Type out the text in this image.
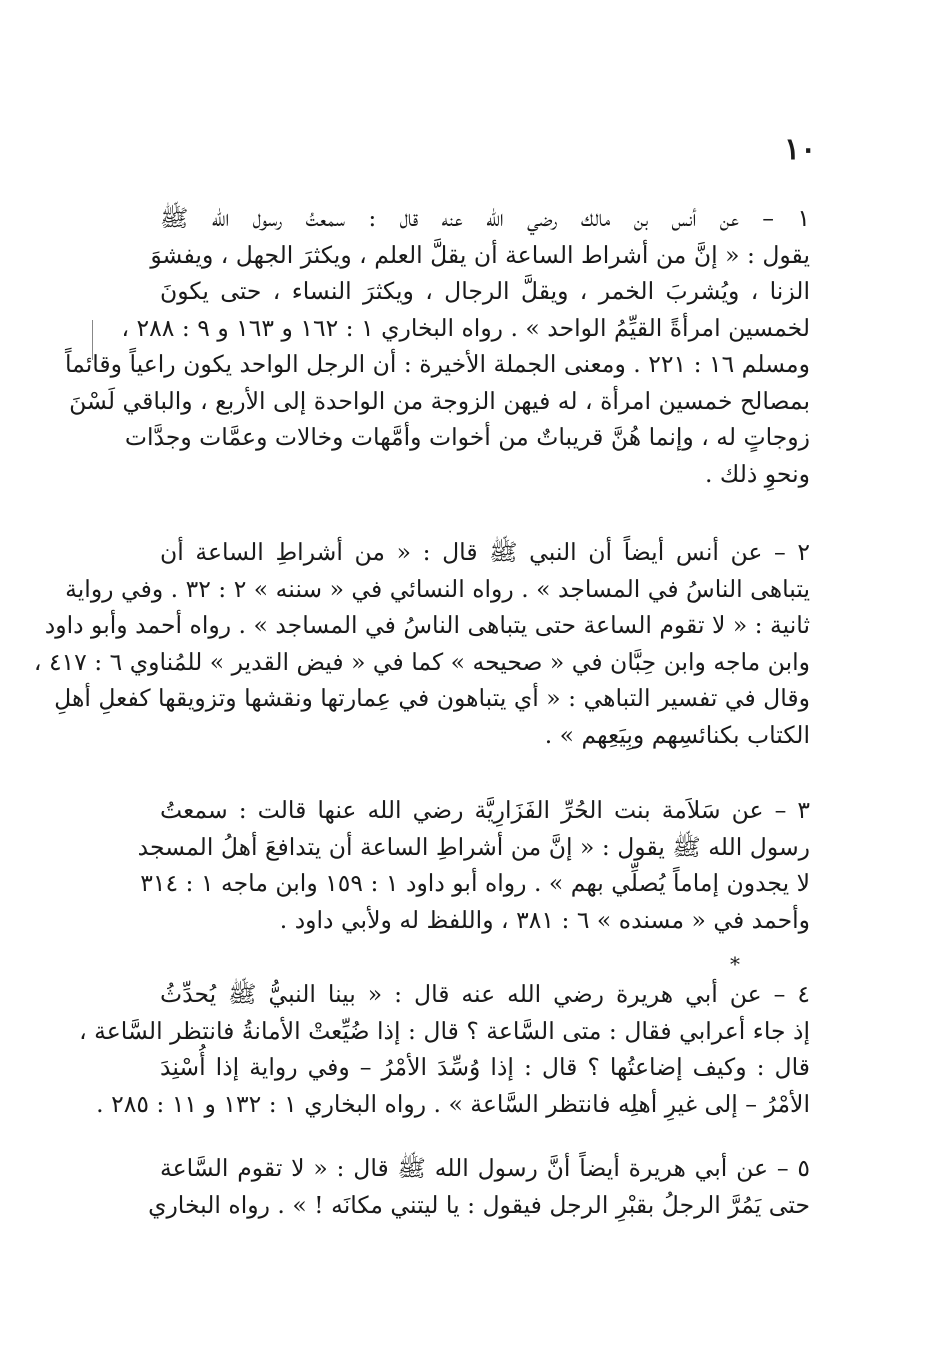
١٠
١ – عن أنس بن مالك رضي الله عنه قال : سمعتُ رسول الله ﷺ
يقول : « إنَّ من أشراط الساعة أن يقلَّ العلم ، ويكثرَ الجهل ، ويفشوَ
الزنا ، ويُشربَ الخمر ، ويقلَّ الرجال ، ويكثرَ النساء ، حتى يكونَ
لخمسين امرأةً القيِّمُ الواحد » . رواه البخاري ١ : ١٦٢ و ١٦٣ و ٩ : ٢٨٨ ،
ومسلم ١٦ : ٢٢١ . ومعنى الجملة الأخيرة : أن الرجل الواحد يكون راعياً وقائماً
بمصالح خمسين امرأة ، له فيهن الزوجة من الواحدة إلى الأربع ، والباقي لَسْنَ
زوجاتٍ له ، وإنما هُنَّ قريباتٌ من أخوات وأمَّهات وخالات وعمَّات وجدَّات
ونحوِ ذلك .
٢ – عن أنس أيضاً أن النبي ﷺ قال : « من أشراطِ الساعة أن
يتباهى الناسُ في المساجد » . رواه النسائي في « سننه » ٢ : ٣٢ . وفي رواية
ثانية : « لا تقوم الساعة حتى يتباهى الناسُ في المساجد » . رواه أحمد وأبو داود
وابن ماجه وابن حِبَّان في « صحيحه » كما في « فيض القدير » للمُناوي ٦ : ٤١٧ ،
وقال في تفسير التباهي : « أي يتباهون في عِمارتها ونقشها وتزويقها كفعلِ أهلِ
الكتاب بكنائسِهم وبِيَعِهم » .
٣ – عن سَلاَمة بنت الحُرِّ الفَزَارِيَّة رضي الله عنها قالت : سمعتُ
رسول الله ﷺ يقول : « إنَّ من أشراطِ الساعة أن يتدافعَ أهلُ المسجد
لا يجدون إماماً يُصلِّي بهم » . رواه أبو داود ١ : ١٥٩ وابن ماجه ١ : ٣١٤
وأحمد في « مسنده » ٦ : ٣٨١ ، واللفظ له ولأبي داود .
*
٤ – عن أبي هريرة رضي الله عنه قال : « بينا النبيُّ ﷺ يُحدِّثُ
إذ جاء أعرابي فقال : متى السَّاعة ؟ قال : إذا ضُيِّعتْ الأمانةُ فانتظر السَّاعة ،
قال : وكيف إضاعتُها ؟ قال : إذا وُسِّدَ الأمْرُ – وفي رواية إذا أُسْنِدَ
الأمْرُ – إلى غيرِ أهلِه فانتظر السَّاعة » . رواه البخاري ١ : ١٣٢ و ١١ : ٢٨٥ .
٥ – عن أبي هريرة أيضاً أنَّ رسول الله ﷺ قال : « لا تقوم السَّاعة
حتى يَمُرَّ الرجلُ بقبْرِ الرجل فيقول : يا ليتني مكانَه ! » . رواه البخاري
